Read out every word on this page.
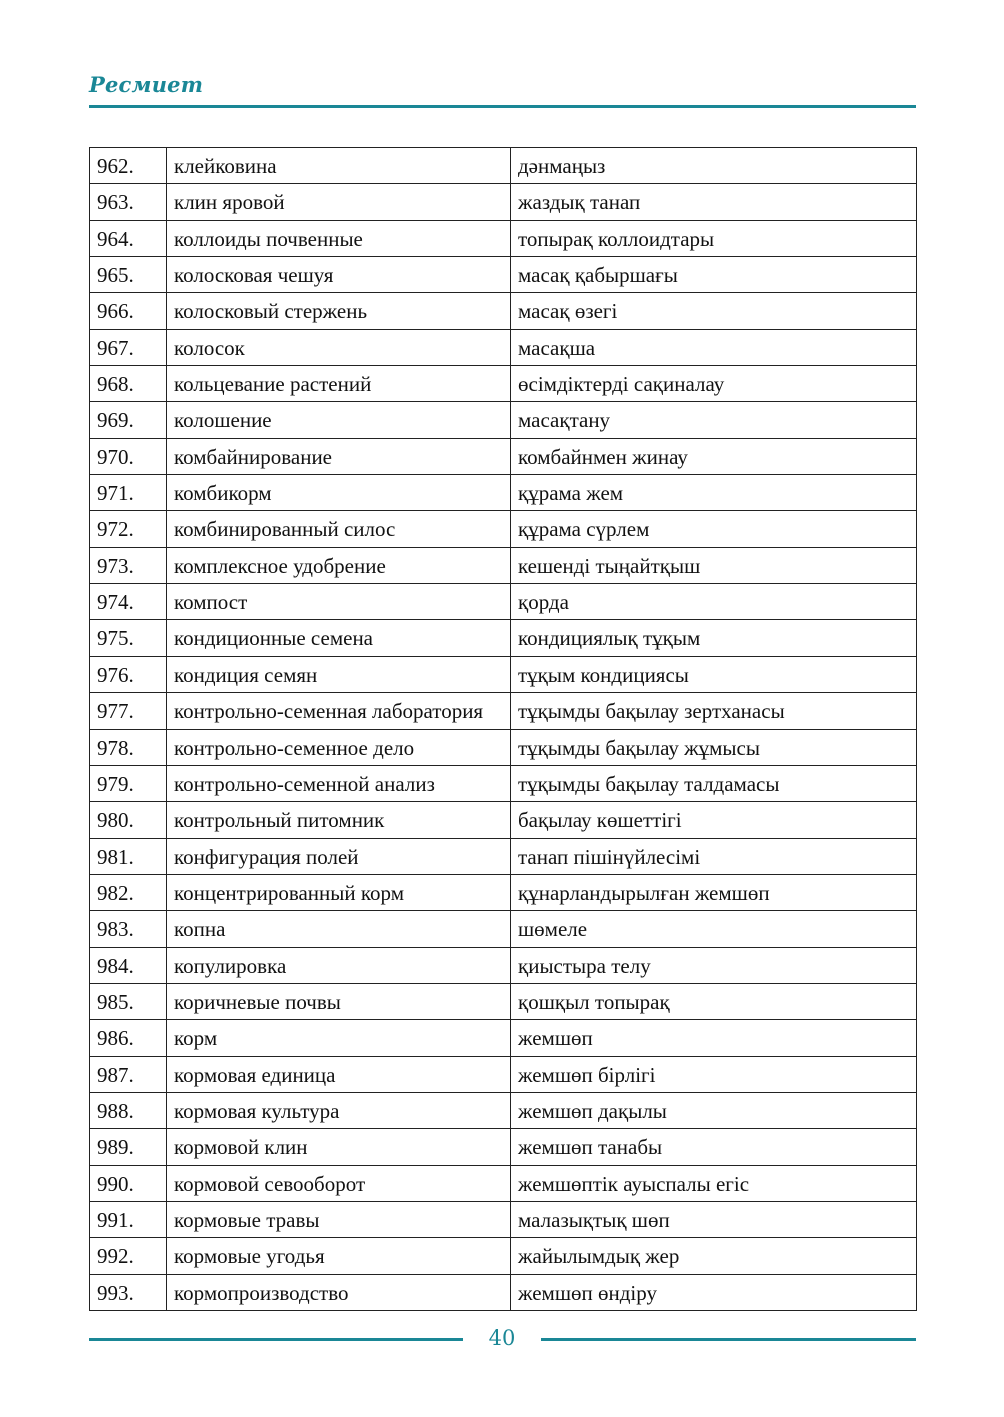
Ресмиет
962.	клейковина	дәнмаңыз
963.	клин яровой	жаздық танап
964.	коллоиды почвенные	топырақ коллоидтары
965.	колосковая чешуя	масақ қабыршағы
966.	колосковый стержень	масақ өзегі
967.	колосок	масақша
968.	кольцевание растений	өсімдіктерді сақиналау
969.	колошение	масақтану
970.	комбайнирование	комбайнмен жинау
971.	комбикорм	құрама жем
972.	комбинированный силос	құрама сүрлем
973.	комплексное удобрение	кешенді тыңайтқыш
974.	компост	қорда
975.	кондиционные семена	кондициялық тұқым
976.	кондиция семян	тұқым кондициясы
977.	контрольно-семенная лаборатория	тұқымды бақылау зертханасы
978.	контрольно-семенное дело	тұқымды бақылау жұмысы
979.	контрольно-семенной анализ	тұқымды бақылау талдамасы
980.	контрольный питомник	бақылау көшеттігі
981.	конфигурация полей	танап пішінүйлесімі
982.	концентрированный корм	құнарландырылған жемшөп
983.	копна	шөмеле
984.	копулировка	қиыстыра телу
985.	коричневые почвы	қошқыл топырақ
986.	корм	жемшөп
987.	кормовая единица	жемшөп бірлігі
988.	кормовая культура	жемшөп дақылы
989.	кормовой клин	жемшөп танабы
990.	кормовой севооборот	жемшөптік ауыспалы егіс
991.	кормовые травы	малазықтық шөп
992.	кормовые угодья	жайылымдық жер
993.	кормопроизводство	жемшөп өндіру
40
